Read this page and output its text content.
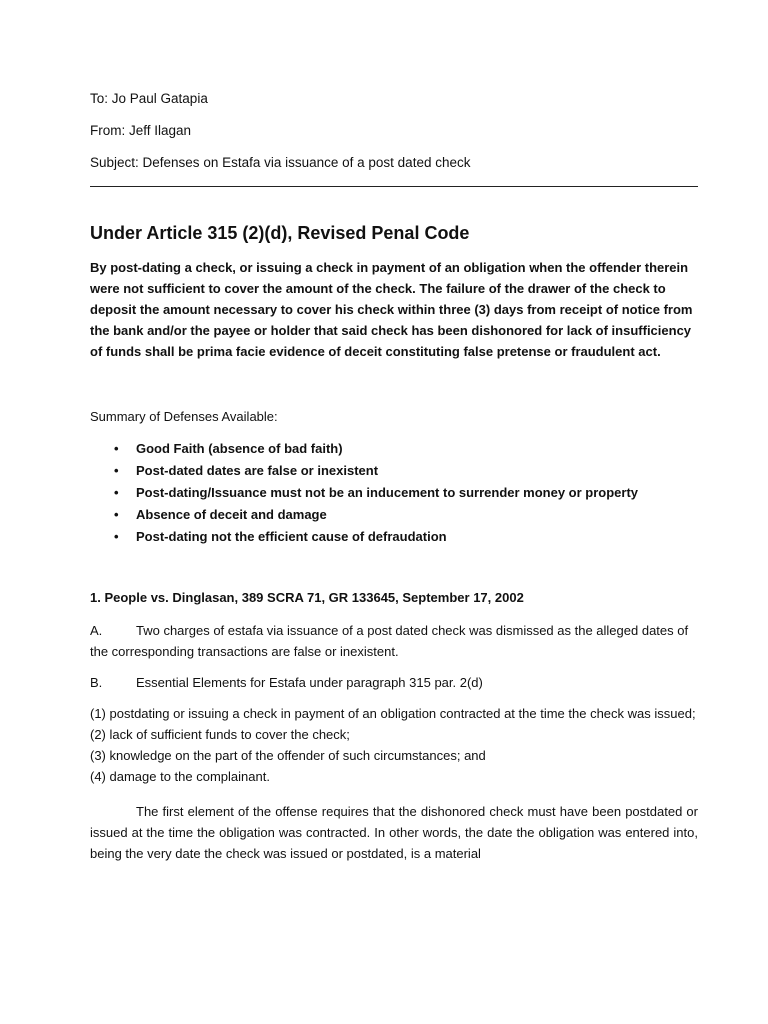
To: Jo Paul Gatapia
From: Jeff Ilagan
Subject: Defenses on Estafa via issuance of a post dated check
Under Article 315 (2)(d), Revised Penal Code

By post-dating a check, or issuing a check in payment of an obligation when the offender therein were not sufficient to cover the amount of the check. The failure of the drawer of the check to deposit the amount necessary to cover his check within three (3) days from receipt of notice from the bank and/or the payee or holder that said check has been dishonored for lack of insufficiency of funds shall be prima facie evidence of deceit constituting false pretense or fraudulent act.

Summary of Defenses Available:
• Good Faith (absence of bad faith)
• Post-dated dates are false or inexistent
• Post-dating/Issuance must not be an inducement to surrender money or property
• Absence of deceit and damage
• Post-dating not the efficient cause of defraudation
1. People vs. Dinglasan, 389 SCRA 71, GR 133645, September 17, 2002

A.	Two charges of estafa via issuance of a post dated check was dismissed as the alleged dates of the corresponding transactions are false or inexistent.

B.	Essential Elements for Estafa under paragraph 315 par. 2(d)

(1) postdating or issuing a check in payment of an obligation contracted at the time the check was issued;
(2) lack of sufficient funds to cover the check;
(3) knowledge on the part of the offender of such circumstances; and
(4) damage to the complainant.

The first element of the offense requires that the dishonored check must have been postdated or issued at the time the obligation was contracted. In other words, the date the obligation was entered into, being the very date the check was issued or postdated, is a material
